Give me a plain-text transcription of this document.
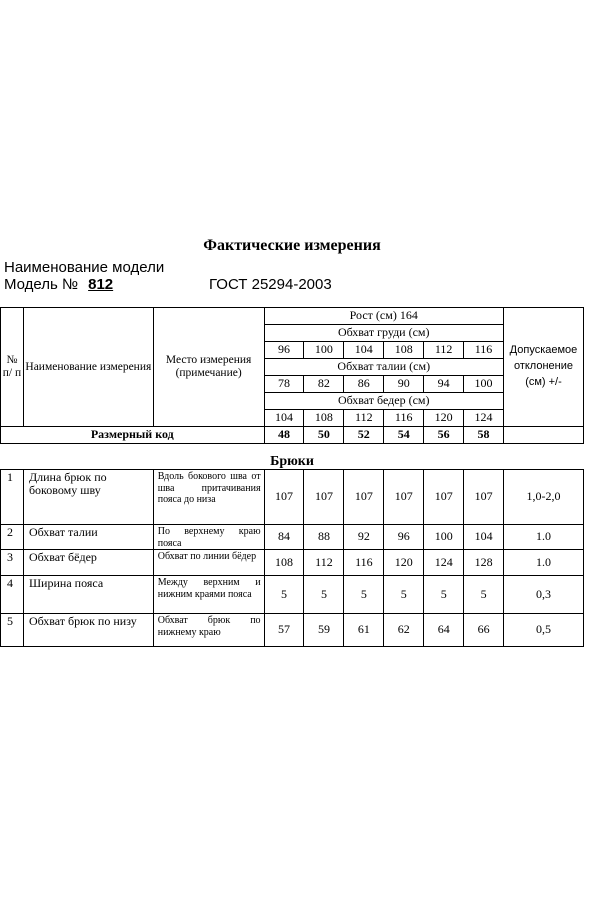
Фактические измерения
Наименование модели
Модель № 812	ГОСТ 25294-2003
№ п/ п	Наименование измерения	Место измерения (примечание)	Рост (см) 164						Допускаемое отклонение (см) +/-
			Обхват груди (см)						
			96	100	104	108	112	116	
			Обхват талии (см)						
			78	82	86	90	94	100	
			Обхват бедер (см)						
			104	108	112	116	120	124	
Размерный код			48	50	52	54	56	58	
Брюки
1	Длина брюк по боковому шву	Вдоль бокового шва от шва притачивания пояса до низа	107	107	107	107	107	107	1,0-2,0
2	Обхват талии	По верхнему краю пояса	84	88	92	96	100	104	1.0
3	Обхват бёдер	Обхват по линии бёдер	108	112	116	120	124	128	1.0
4	Ширина пояса	Между верхним и нижним краями пояса	5	5	5	5	5	5	0,3
5	Обхват брюк по низу	Обхват брюк по нижнему краю	57	59	61	62	64	66	0,5
